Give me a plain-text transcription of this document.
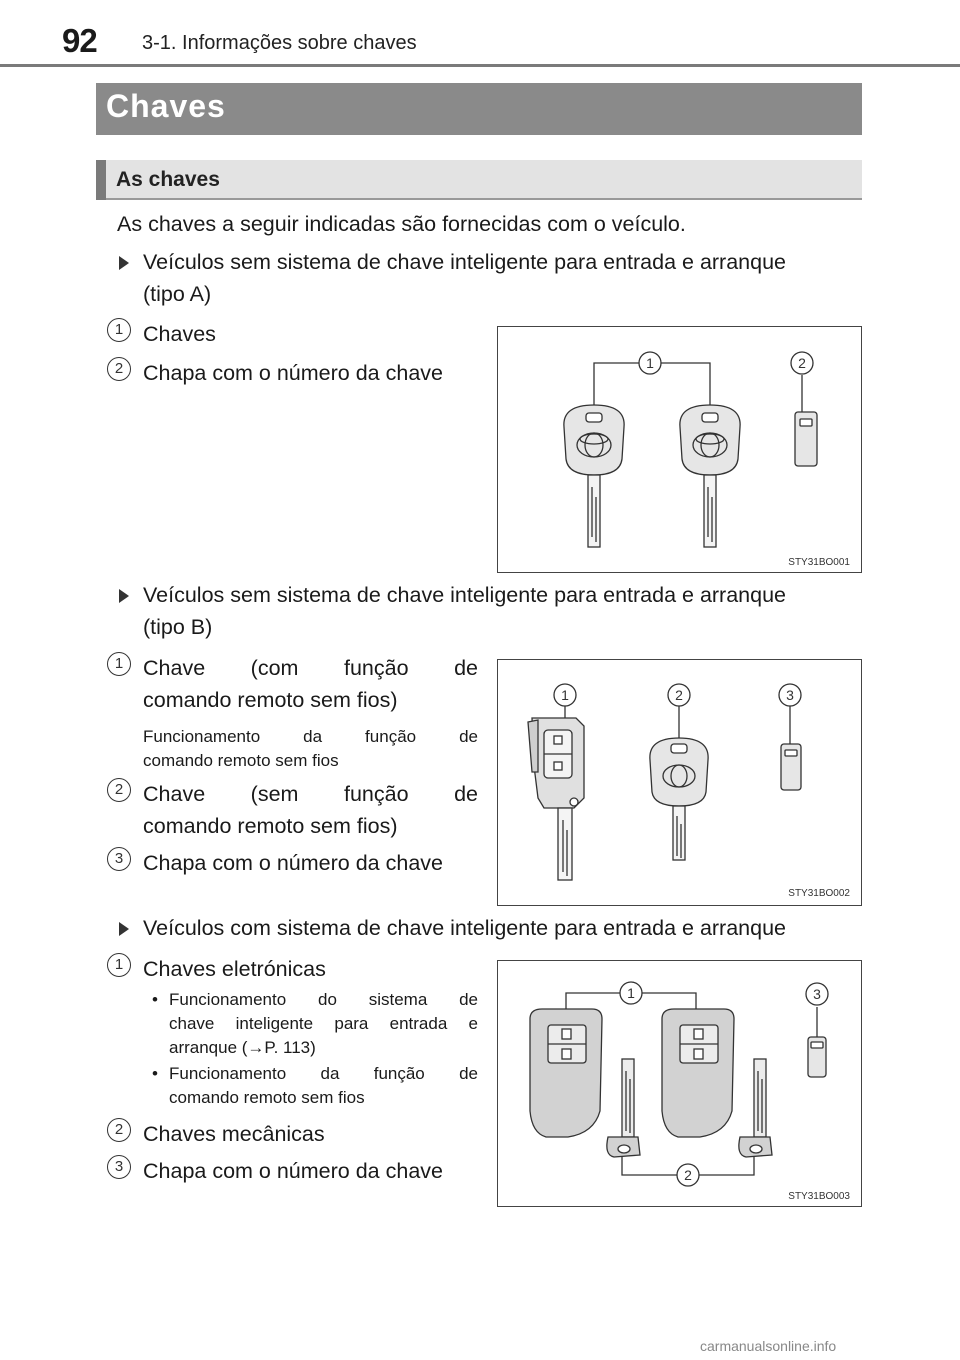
92 3-1. Informações sobre chaves
Chaves
As chaves
As chaves a seguir indicadas são fornecidas com o veículo.
Veículos sem sistema de chave inteligente para entrada e arranque
(tipo A)
1 Chaves
2 Chapa com o número da chave	1	2
STY31BO001
Veículos sem sistema de chave inteligente para entrada e arranque
(tipo B)
1 Chave (com função de
comando remoto sem fios)
Funcionamento da função de
comando remoto sem fios
2 Chave (sem função de
comando remoto sem fios)
3 Chapa com o número da chave
1	2	3
STY31BO002
Veículos com sistema de chave inteligente para entrada e arranque
1 Chaves eletrónicas
• Funcionamento do sistema de
chave inteligente para entrada e
arranque (→P. 113)
• Funcionamento da função de
comando remoto sem fios
2 Chaves mecânicas
3 Chapa com o número da chave
1
2
3
STY31BO003
carmanualsonline.info
